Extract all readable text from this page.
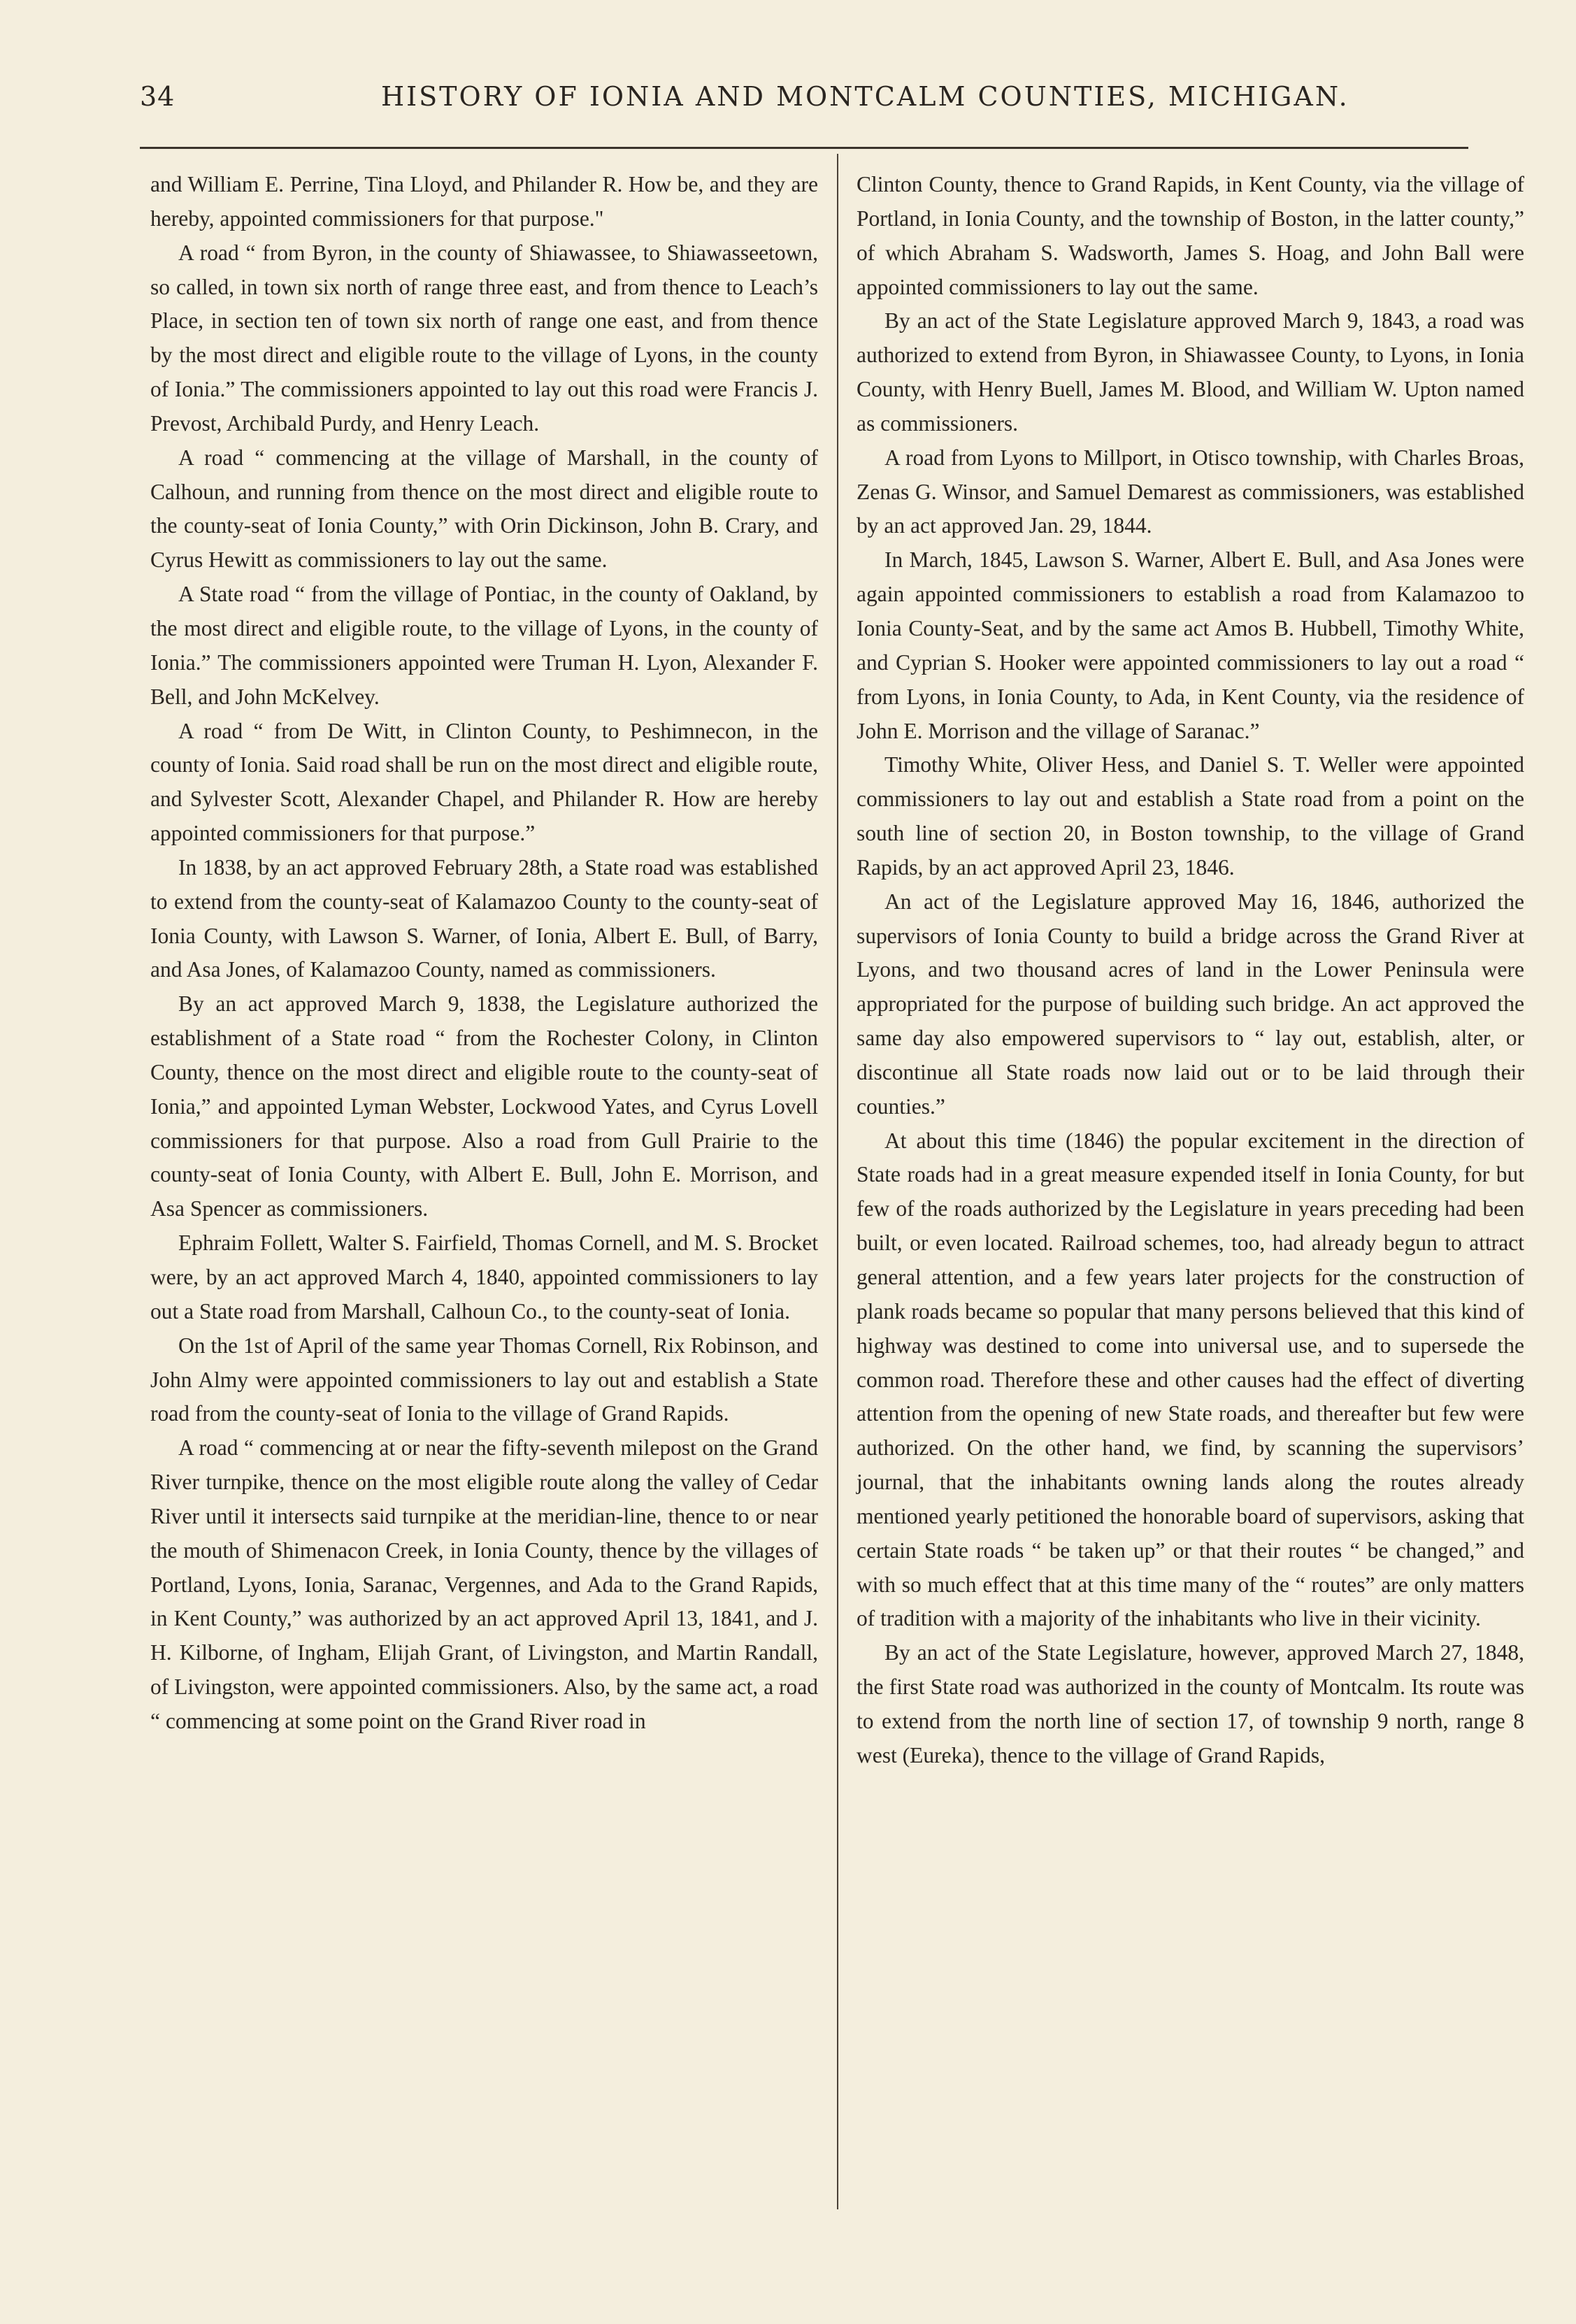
34	HISTORY OF IONIA AND MONTCALM COUNTIES, MICHIGAN.

and William E. Perrine, Tina Lloyd, and Philander R. How be, and they are hereby, appointed commissioners for that purpose."

A road “ from Byron, in the county of Shiawassee, to Shiawasseetown, so called, in town six north of range three east, and from thence to Leach’s Place, in section ten of town six north of range one east, and from thence by the most direct and eligible route to the village of Lyons, in the county of Ionia.” The commissioners appointed to lay out this road were Francis J. Prevost, Archibald Purdy, and Henry Leach.

A road “ commencing at the village of Marshall, in the county of Calhoun, and running from thence on the most direct and eligible route to the county-seat of Ionia County,” with Orin Dickinson, John B. Crary, and Cyrus Hewitt as commissioners to lay out the same.

A State road “ from the village of Pontiac, in the county of Oakland, by the most direct and eligible route, to the village of Lyons, in the county of Ionia.” The commissioners appointed were Truman H. Lyon, Alexander F. Bell, and John McKelvey.

A road “ from De Witt, in Clinton County, to Peshimnecon, in the county of Ionia. Said road shall be run on the most direct and eligible route, and Sylvester Scott, Alexander Chapel, and Philander R. How are hereby appointed commissioners for that purpose.”

In 1838, by an act approved February 28th, a State road was established to extend from the county-seat of Kalamazoo County to the county-seat of Ionia County, with Lawson S. Warner, of Ionia, Albert E. Bull, of Barry, and Asa Jones, of Kalamazoo County, named as commissioners.

By an act approved March 9, 1838, the Legislature authorized the establishment of a State road “ from the Rochester Colony, in Clinton County, thence on the most direct and eligible route to the county-seat of Ionia,” and appointed Lyman Webster, Lockwood Yates, and Cyrus Lovell commissioners for that purpose. Also a road from Gull Prairie to the county-seat of Ionia County, with Albert E. Bull, John E. Morrison, and Asa Spencer as commissioners.

Ephraim Follett, Walter S. Fairfield, Thomas Cornell, and M. S. Brocket were, by an act approved March 4, 1840, appointed commissioners to lay out a State road from Marshall, Calhoun Co., to the county-seat of Ionia.

On the 1st of April of the same year Thomas Cornell, Rix Robinson, and John Almy were appointed commissioners to lay out and establish a State road from the county-seat of Ionia to the village of Grand Rapids.

A road “ commencing at or near the fifty-seventh milepost on the Grand River turnpike, thence on the most eligible route along the valley of Cedar River until it intersects said turnpike at the meridian-line, thence to or near the mouth of Shimenacon Creek, in Ionia County, thence by the villages of Portland, Lyons, Ionia, Saranac, Vergennes, and Ada to the Grand Rapids, in Kent County,” was authorized by an act approved April 13, 1841, and J. H. Kilborne, of Ingham, Elijah Grant, of Livingston, and Martin Randall, of Livingston, were appointed commissioners. Also, by the same act, a road “ commencing at some point on the Grand River road in

Clinton County, thence to Grand Rapids, in Kent County, via the village of Portland, in Ionia County, and the township of Boston, in the latter county,” of which Abraham S. Wadsworth, James S. Hoag, and John Ball were appointed commissioners to lay out the same.

By an act of the State Legislature approved March 9, 1843, a road was authorized to extend from Byron, in Shiawassee County, to Lyons, in Ionia County, with Henry Buell, James M. Blood, and William W. Upton named as commissioners.

A road from Lyons to Millport, in Otisco township, with Charles Broas, Zenas G. Winsor, and Samuel Demarest as commissioners, was established by an act approved Jan. 29, 1844.

In March, 1845, Lawson S. Warner, Albert E. Bull, and Asa Jones were again appointed commissioners to establish a road from Kalamazoo to Ionia County-Seat, and by the same act Amos B. Hubbell, Timothy White, and Cyprian S. Hooker were appointed commissioners to lay out a road “ from Lyons, in Ionia County, to Ada, in Kent County, via the residence of John E. Morrison and the village of Saranac.”

Timothy White, Oliver Hess, and Daniel S. T. Weller were appointed commissioners to lay out and establish a State road from a point on the south line of section 20, in Boston township, to the village of Grand Rapids, by an act approved April 23, 1846.

An act of the Legislature approved May 16, 1846, authorized the supervisors of Ionia County to build a bridge across the Grand River at Lyons, and two thousand acres of land in the Lower Peninsula were appropriated for the purpose of building such bridge. An act approved the same day also empowered supervisors to “ lay out, establish, alter, or discontinue all State roads now laid out or to be laid through their counties.”

At about this time (1846) the popular excitement in the direction of State roads had in a great measure expended itself in Ionia County, for but few of the roads authorized by the Legislature in years preceding had been built, or even located. Railroad schemes, too, had already begun to attract general attention, and a few years later projects for the construction of plank roads became so popular that many persons believed that this kind of highway was destined to come into universal use, and to supersede the common road. Therefore these and other causes had the effect of diverting attention from the opening of new State roads, and thereafter but few were authorized. On the other hand, we find, by scanning the supervisors’ journal, that the inhabitants owning lands along the routes already mentioned yearly petitioned the honorable board of supervisors, asking that certain State roads “ be taken up” or that their routes “ be changed,” and with so much effect that at this time many of the “ routes” are only matters of tradition with a majority of the inhabitants who live in their vicinity.

By an act of the State Legislature, however, approved March 27, 1848, the first State road was authorized in the county of Montcalm. Its route was to extend from the north line of section 17, of township 9 north, range 8 west (Eureka), thence to the village of Grand Rapids,
